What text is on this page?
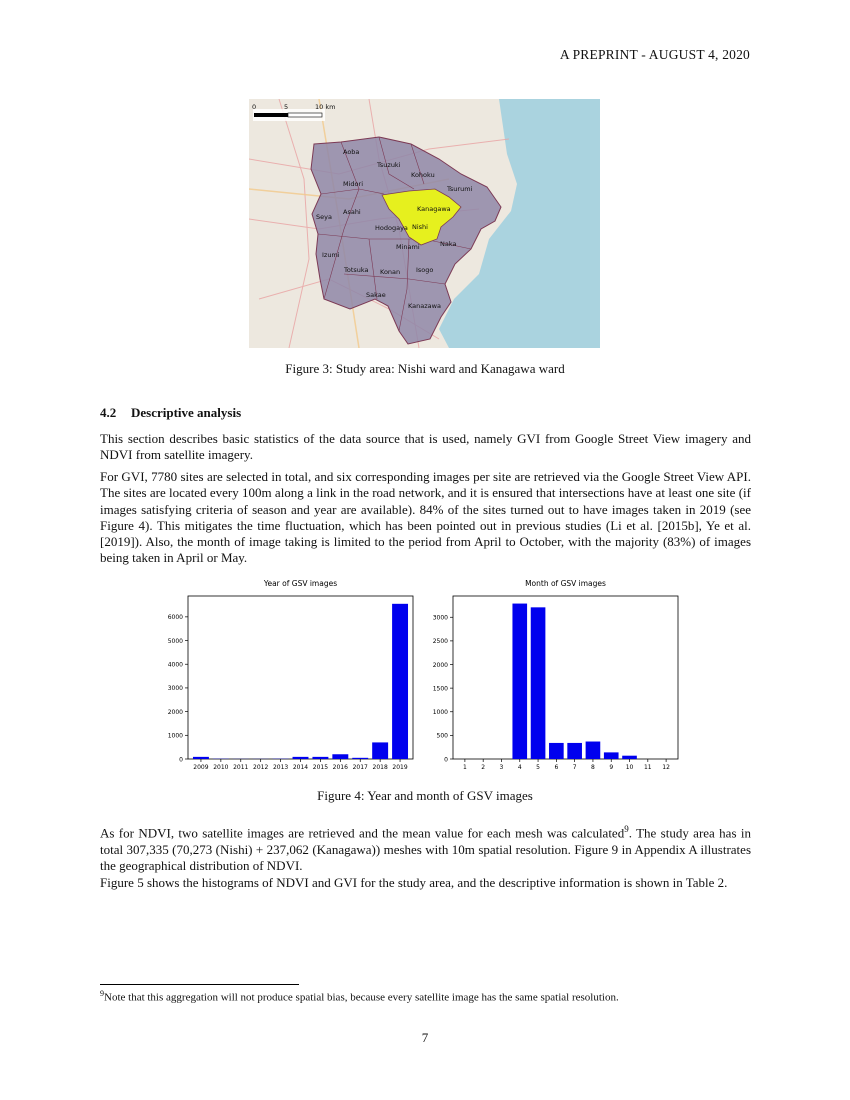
A PREPRINT - AUGUST 4, 2020
0	5	10 km
Aoba
Tsuzuki
Kohoku
Midori
Tsurumi
Kanagawa
Seya
Asahi
Hodogaya Nishi
Naka
Minami
Izumi
Totsuka Konan Isogo
Sakae
Kanazawa
Figure 3: Study area: Nishi ward and Kanagawa ward
4.2 Descriptive analysis
This section describes basic statistics of the data source that is used, namely GVI from Google Street View imagery and NDVI from satellite imagery.
For GVI, 7780 sites are selected in total, and six corresponding images per site are retrieved via the Google Street View API. The sites are located every 100m along a link in the road network, and it is ensured that intersections have at least one site (if images satisfying criteria of season and year are available). 84% of the sites turned out to have images taken in 2019 (see Figure 4). This mitigates the time fluctuation, which has been pointed out in previous studies (Li et al. [2015b], Ye et al. [2019]). Also, the month of image taking is limited to the period from April to October, with the majority (83%) of images being taken in April or May.
Year of GSV images
0
1000
2000
3000
4000
5000
6000
2009 2010 2011 2012 2013 2014 2015 2016 2017 2018 2019
Month of GSV images
0
500
1000
1500
2000
2500
3000
1 2 3 4 5 6 7 8 9 10 11 12
Figure 4: Year and month of GSV images
As for NDVI, two satellite images are retrieved and the mean value for each mesh was calculated$^9$. The study area has in total 307,335 (70,273 (Nishi) + 237,062 (Kanagawa)) meshes with 10m spatial resolution. Figure 9 in Appendix A illustrates the geographical distribution of NDVI.
Figure 5 shows the histograms of NDVI and GVI for the study area, and the descriptive information is shown in Table 2.
$^9$Note that this aggregation will not produce spatial bias, because every satellite image has the same spatial resolution.
7
